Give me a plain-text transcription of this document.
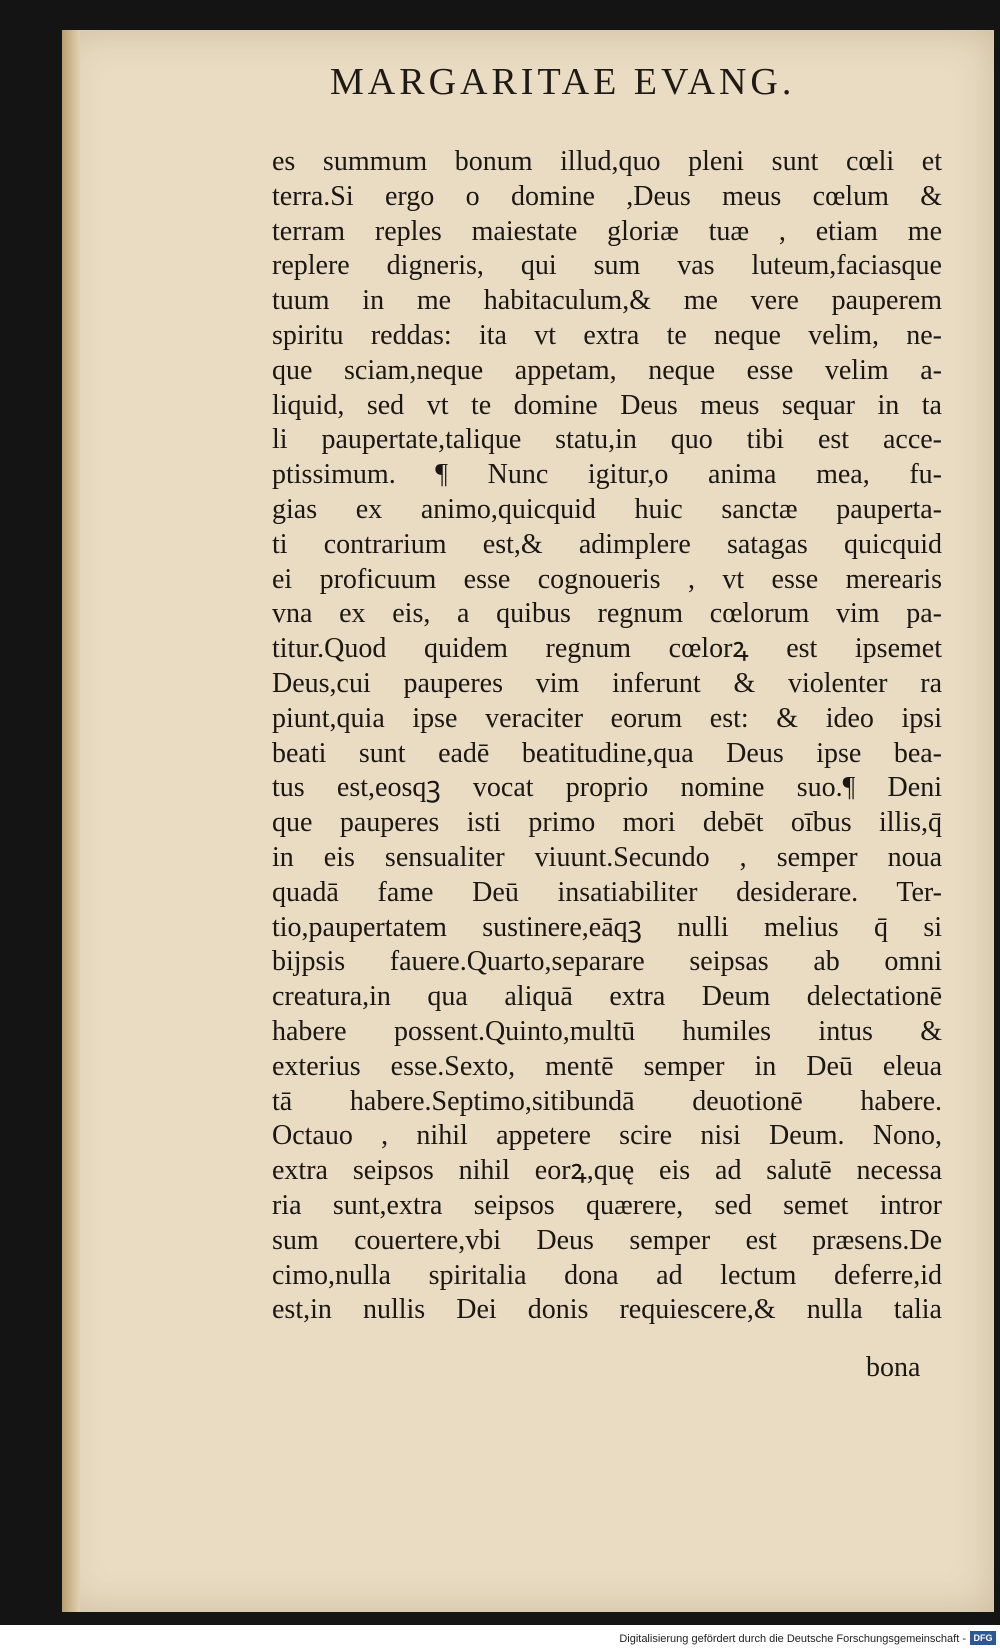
MARGARITAE EVANG.
es summum bonum illud,quo pleni sunt cœli et
terra.Si ergo o domine ,Deus meus cœlum &
terram reples maiestate gloriæ tuæ , etiam me
replere digneris, qui sum vas luteum,faciasque
tuum in me habitaculum,& me vere pauperem
spiritu reddas: ita vt extra te neque velim, ne-
que sciam,neque appetam, neque esse velim a-
liquid, sed vt te domine Deus meus sequar in ta
li paupertate,talique statu,in quo tibi est acce-
ptissimum. ¶ Nunc igitur,o anima mea, fu-
gias ex animo,quicquid huic sanctæ pauperta-
ti contrarium est,& adimplere satagas quicquid
ei proficuum esse cognoueris , vt esse merearis
vna ex eis, a quibus regnum cœlorum vim pa-
titur.Quod quidem regnum cœlorꝝ est ipsemet
Deus,cui pauperes vim inferunt & violenter ra
piunt,quia ipse veraciter eorum est: & ideo ipsi
beati sunt eadē beatitudine,qua Deus ipse bea-
tus est,eosqꝫ vocat proprio nomine suo.¶ Deni
que pauperes isti primo mori debēt oībus illis,q̄
in eis sensualiter viuunt.Secundo , semper noua
quadā fame Deū insatiabiliter desiderare. Ter-
tio,paupertatem sustinere,eāqꝫ nulli melius q̄ si
bijpsis fauere.Quarto,separare seipsas ab omni
creatura,in qua aliquā extra Deum delectationē
habere possent.Quinto,multū humiles intus &
exterius esse.Sexto, mentē semper in Deū eleua
tā habere.Septimo,sitibundā deuotionē habere.
Octauo , nihil appetere scire nisi Deum. Nono,
extra seipsos nihil eorꝝ,quę eis ad salutē necessa
ria sunt,extra seipsos quærere, sed semet intror
sum couertere,vbi Deus semper est præsens.De
cimo,nulla spiritalia dona ad lectum deferre,id
est,in nullis Dei donis requiescere,& nulla talia
bona
Digitalisierung gefördert durch die Deutsche Forschungsgemeinschaft - DFG
